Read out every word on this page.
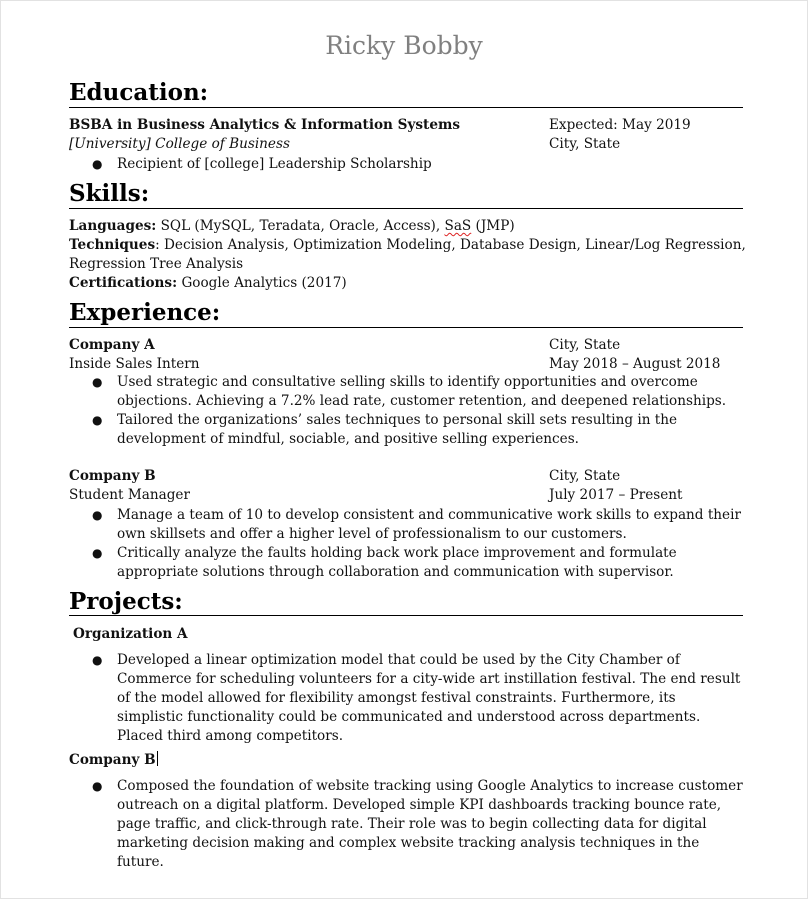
Ricky Bobby
Education:
BSBA in Business Analytics & Information Systems	Expected: May 2019
[University] College of Business	City, State
● Recipient of [college] Leadership Scholarship
Skills:
Languages: SQL (MySQL, Teradata, Oracle, Access), SaS (JMP)
Techniques: Decision Analysis, Optimization Modeling, Database Design, Linear/Log Regression,
Regression Tree Analysis
Certifications: Google Analytics (2017)
Experience:
Company A	City, State
Inside Sales Intern	May 2018 – August 2018
● Used strategic and consultative selling skills to identify opportunities and overcome objections. Achieving a 7.2% lead rate, customer retention, and deepened relationships.
● Tailored the organizations’ sales techniques to personal skill sets resulting in the development of mindful, sociable, and positive selling experiences.
Company B	City, State
Student Manager	July 2017 – Present
● Manage a team of 10 to develop consistent and communicative work skills to expand their own skillsets and offer a higher level of professionalism to our customers.
● Critically analyze the faults holding back work place improvement and formulate appropriate solutions through collaboration and communication with supervisor.
Projects:
Organization A
● Developed a linear optimization model that could be used by the City Chamber of Commerce for scheduling volunteers for a city-wide art instillation festival. The end result of the model allowed for flexibility amongst festival constraints. Furthermore, its simplistic functionality could be communicated and understood across departments. Placed third among competitors.
Company B
● Composed the foundation of website tracking using Google Analytics to increase customer outreach on a digital platform. Developed simple KPI dashboards tracking bounce rate, page traffic, and click-through rate. Their role was to begin collecting data for digital marketing decision making and complex website tracking analysis techniques in the future.
